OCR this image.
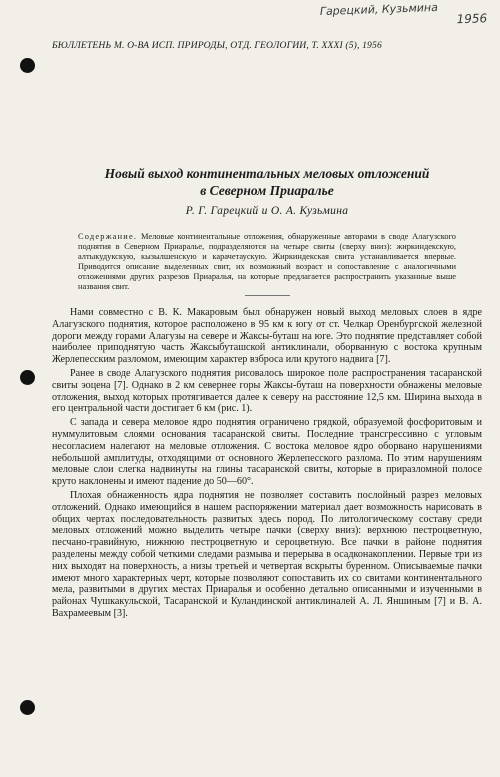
Гарецкий, Кузьмина
1956
БЮЛЛЕТЕНЬ М. О-ВА ИСП. ПРИРОДЫ, ОТД. ГЕОЛОГИИ, Т. XXXI (5), 1956
Новый выход континентальных меловых отложений
в Северном Приаралье
Р. Г. Гарецкий и О. А. Кузьмина
Содержание. Меловые континентальные отложения, обнаруженные авторами в своде Алагузского поднятия в Северном Приаралье, подразделяются на четыре свиты (сверху вниз): жиркиндекскую, алтыкудукскую, кызылшенскую и карачетаускую. Жиркиндекская свита устанавливается впервые. Приводится описание выделенных свит, их возможный возраст и сопоставление с аналогичными отложениями других разрезов Приаралья, на которые предлагается распространить указанные выше названия свит.

Нами совместно с В. К. Макаровым был обнаружен новый выход меловых слоев в ядре Алагузского поднятия, которое расположено в 95 км к югу от ст. Челкар Оренбургской железной дороги между горами Алагузы на севере и Жаксы-буташ на юге. Это поднятие представляет собой наиболее приподнятую часть Жаксыбуташской антиклинали, оборванную с востока крупным Жерлепесским разломом, имеющим характер взброса или крутого надвига [7].

Ранее в своде Алагузского поднятия рисовалось широкое поле распространения тасаранской свиты эоцена [7]. Однако в 2 км севернее горы Жаксы-буташ на поверхности обнажены меловые отложения, выход которых протягивается далее к северу на расстояние 12,5 км. Ширина выхода в его центральной части достигает 6 км (рис. 1).

С запада и севера меловое ядро поднятия ограничено грядкой, образуемой фосфоритовым и нуммулитовым слоями основания тасаранской свиты. Последние трансгрессивно с угловым несогласием налегают на меловые отложения. С востока меловое ядро оборвано нарушениями небольшой амплитуды, отходящими от основного Жерлепесского разлома. По этим нарушениям меловые слои слегка надвинуты на глины тасаранской свиты, которые в приразломной полосе круто наклонены и имеют падение до 50—60°.

Плохая обнаженность ядра поднятия не позволяет составить послойный разрез меловых отложений. Однако имеющийся в нашем распоряжении материал дает возможность нарисовать в общих чертах последовательность развитых здесь пород. По литологическому составу среди меловых отложений можно выделить четыре пачки (сверху вниз): верхнюю пестроцветную, песчано-гравийную, нижнюю пестроцветную и сероцветную. Все пачки в районе поднятия разделены между собой четкими следами размыва и перерыва в осадконакоплении. Первые три из них выходят на поверхность, а низы третьей и четвертая вскрыты буренном. Описываемые пачки имеют много характерных черт, которые позволяют сопоставить их со свитами континентального мела, развитыми в других местах Приаралья и особенно детально описанными и изученными в районах Чушкакульской, Тасаранской и Куландинской антиклиналей А. Л. Яншиным [7] и В. А. Вахрамеевым [3].
